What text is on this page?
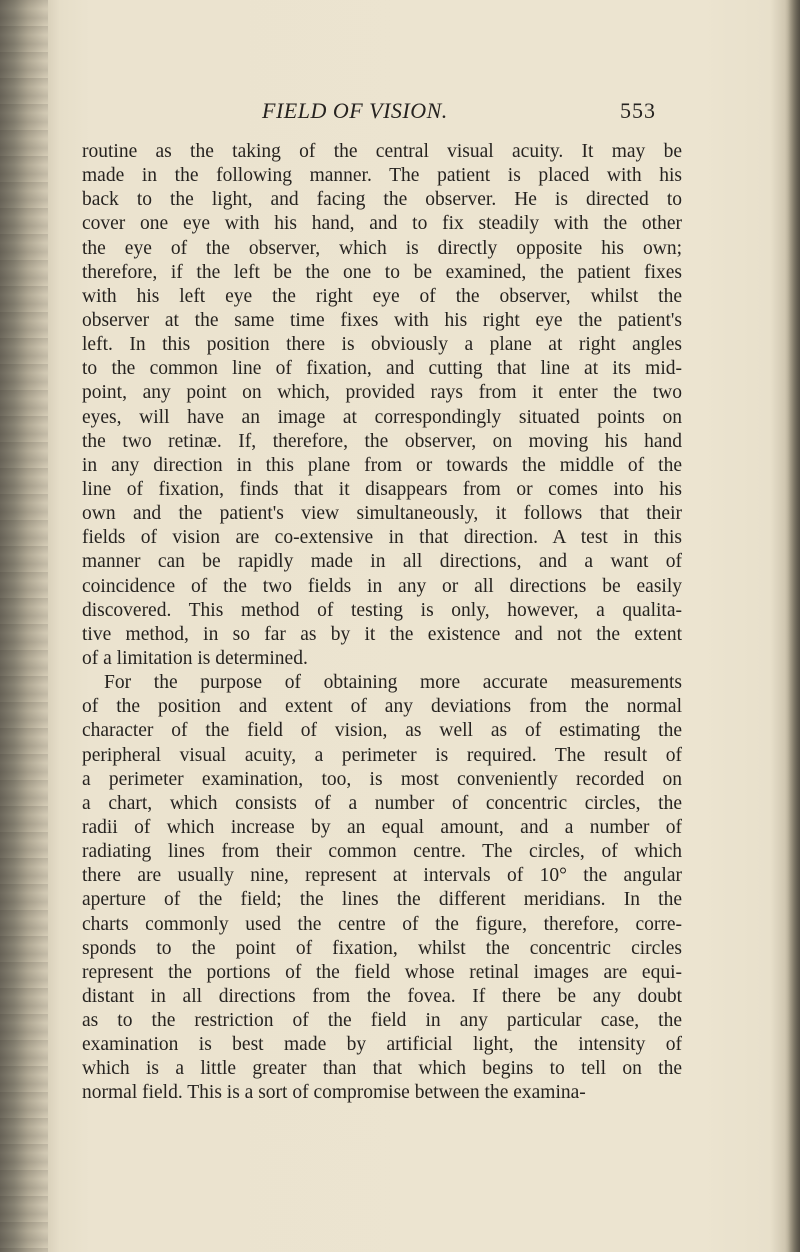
FIELD OF VISION.	553
routine as the taking of the central visual acuity. It may be
made in the following manner. The patient is placed with his
back to the light, and facing the observer. He is directed to
cover one eye with his hand, and to fix steadily with the other
the eye of the observer, which is directly opposite his own;
therefore, if the left be the one to be examined, the patient fixes
with his left eye the right eye of the observer, whilst the
observer at the same time fixes with his right eye the patient's
left. In this position there is obviously a plane at right angles
to the common line of fixation, and cutting that line at its mid-
point, any point on which, provided rays from it enter the two
eyes, will have an image at correspondingly situated points on
the two retinæ. If, therefore, the observer, on moving his hand
in any direction in this plane from or towards the middle of the
line of fixation, finds that it disappears from or comes into his
own and the patient's view simultaneously, it follows that their
fields of vision are co-extensive in that direction. A test in this
manner can be rapidly made in all directions, and a want of
coincidence of the two fields in any or all directions be easily
discovered. This method of testing is only, however, a qualita-
tive method, in so far as by it the existence and not the extent
of a limitation is determined.
For the purpose of obtaining more accurate measurements
of the position and extent of any deviations from the normal
character of the field of vision, as well as of estimating the
peripheral visual acuity, a perimeter is required. The result of
a perimeter examination, too, is most conveniently recorded on
a chart, which consists of a number of concentric circles, the
radii of which increase by an equal amount, and a number of
radiating lines from their common centre. The circles, of which
there are usually nine, represent at intervals of 10° the angular
aperture of the field; the lines the different meridians. In the
charts commonly used the centre of the figure, therefore, corre-
sponds to the point of fixation, whilst the concentric circles
represent the portions of the field whose retinal images are equi-
distant in all directions from the fovea. If there be any doubt
as to the restriction of the field in any particular case, the
examination is best made by artificial light, the intensity of
which is a little greater than that which begins to tell on the
normal field. This is a sort of compromise between the examina-
